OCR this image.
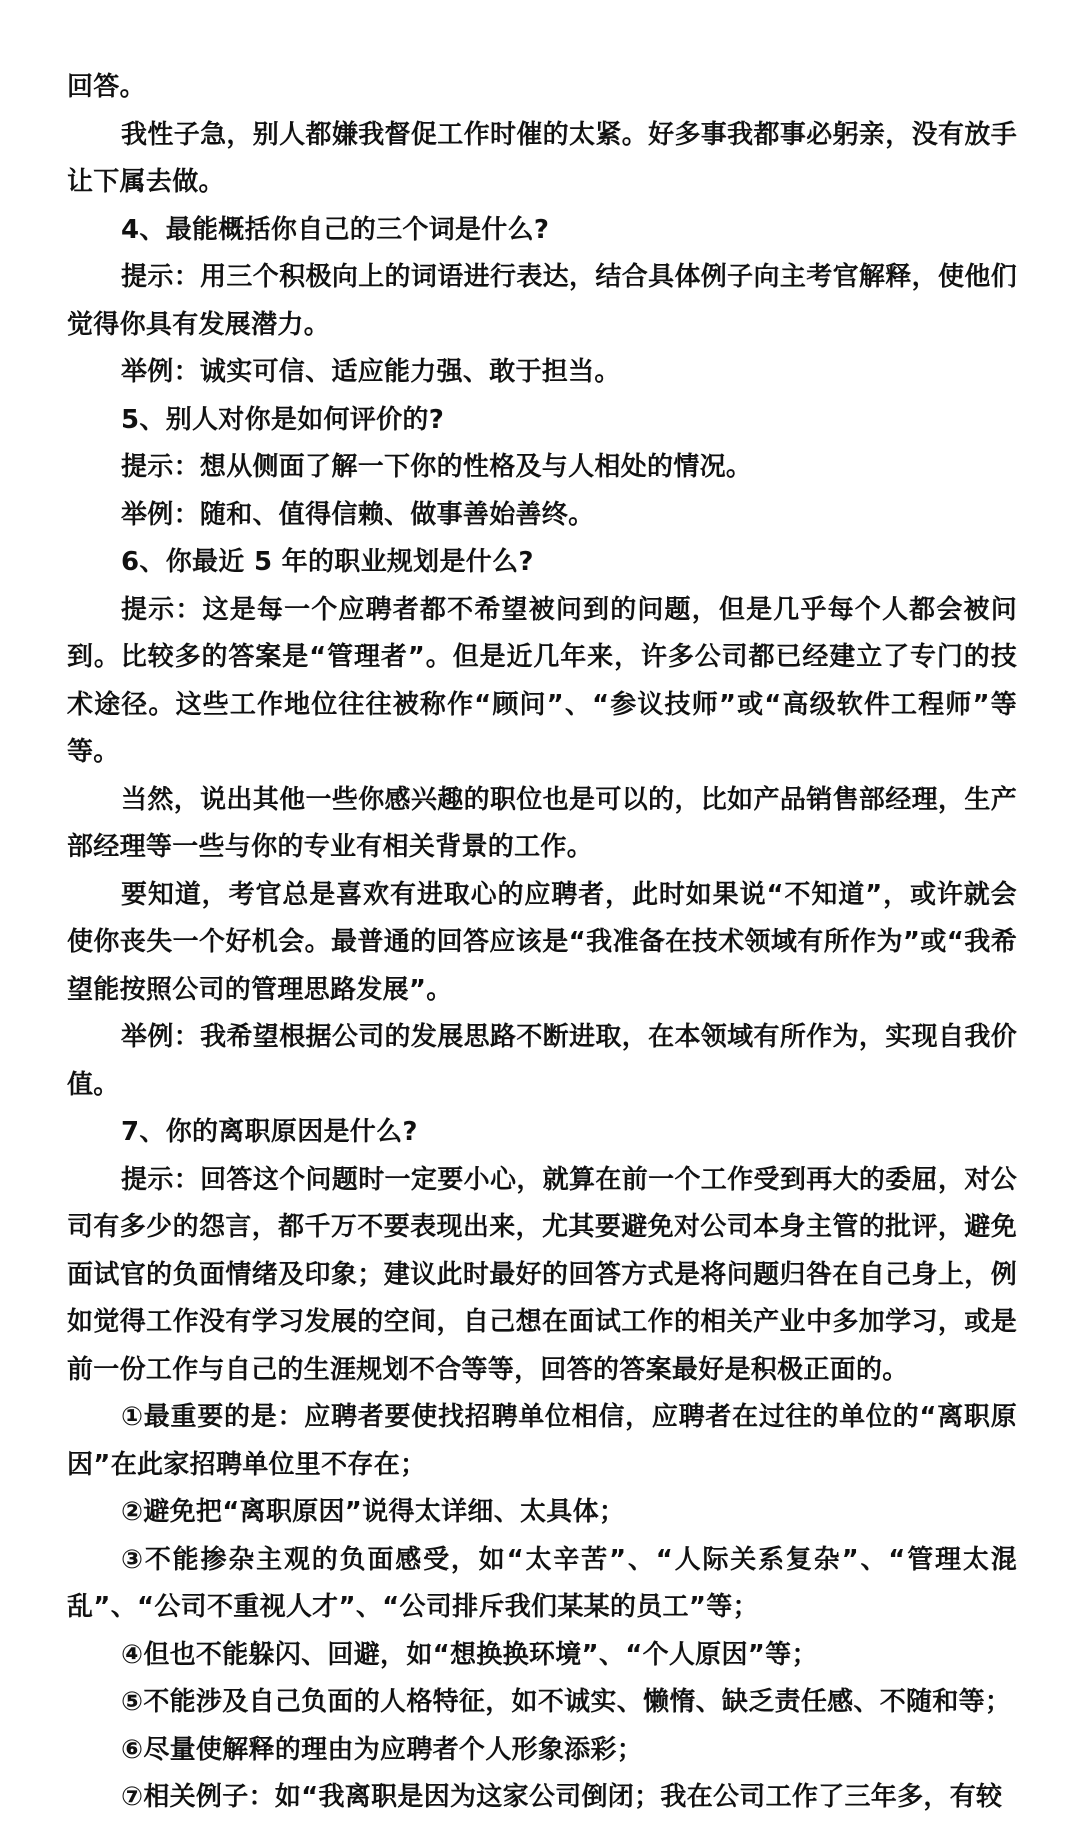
回答。

我性子急，别人都嫌我督促工作时催的太紧。好多事我都事必躬亲，没有放手让下属去做。

4、最能概括你自己的三个词是什么?

提示：用三个积极向上的词语进行表达，结合具体例子向主考官解释，使他们觉得你具有发展潜力。

举例：诚实可信、适应能力强、敢于担当。

5、别人对你是如何评价的?

提示：想从侧面了解一下你的性格及与人相处的情况。

举例：随和、值得信赖、做事善始善终。

6、你最近 5 年的职业规划是什么?

提示：这是每一个应聘者都不希望被问到的问题，但是几乎每个人都会被问到。比较多的答案是“管理者”。但是近几年来，许多公司都已经建立了专门的技术途径。这些工作地位往往被称作“顾问”、“参议技师”或“高级软件工程师”等等。

当然，说出其他一些你感兴趣的职位也是可以的，比如产品销售部经理，生产部经理等一些与你的专业有相关背景的工作。

要知道，考官总是喜欢有进取心的应聘者，此时如果说“不知道”，或许就会使你丧失一个好机会。最普通的回答应该是“我准备在技术领域有所作为”或“我希望能按照公司的管理思路发展”。

举例：我希望根据公司的发展思路不断进取，在本领域有所作为，实现自我价值。

7、你的离职原因是什么?

提示：回答这个问题时一定要小心，就算在前一个工作受到再大的委屈，对公司有多少的怨言，都千万不要表现出来，尤其要避免对公司本身主管的批评，避免面试官的负面情绪及印象；建议此时最好的回答方式是将问题归咎在自己身上，例如觉得工作没有学习发展的空间，自己想在面试工作的相关产业中多加学习，或是前一份工作与自己的生涯规划不合等等，回答的答案最好是积极正面的。

①最重要的是：应聘者要使找招聘单位相信，应聘者在过往的单位的“离职原因”在此家招聘单位里不存在；

②避免把“离职原因”说得太详细、太具体；

③不能掺杂主观的负面感受，如“太辛苦”、“人际关系复杂”、“管理太混乱”、“公司不重视人才”、“公司排斥我们某某的员工”等；

④但也不能躲闪、回避，如“想换换环境”、“个人原因”等；

⑤不能涉及自己负面的人格特征，如不诚实、懒惰、缺乏责任感、不随和等；

⑥尽量使解释的理由为应聘者个人形象添彩；

⑦相关例子：如“我离职是因为这家公司倒闭；我在公司工作了三年多，有较
